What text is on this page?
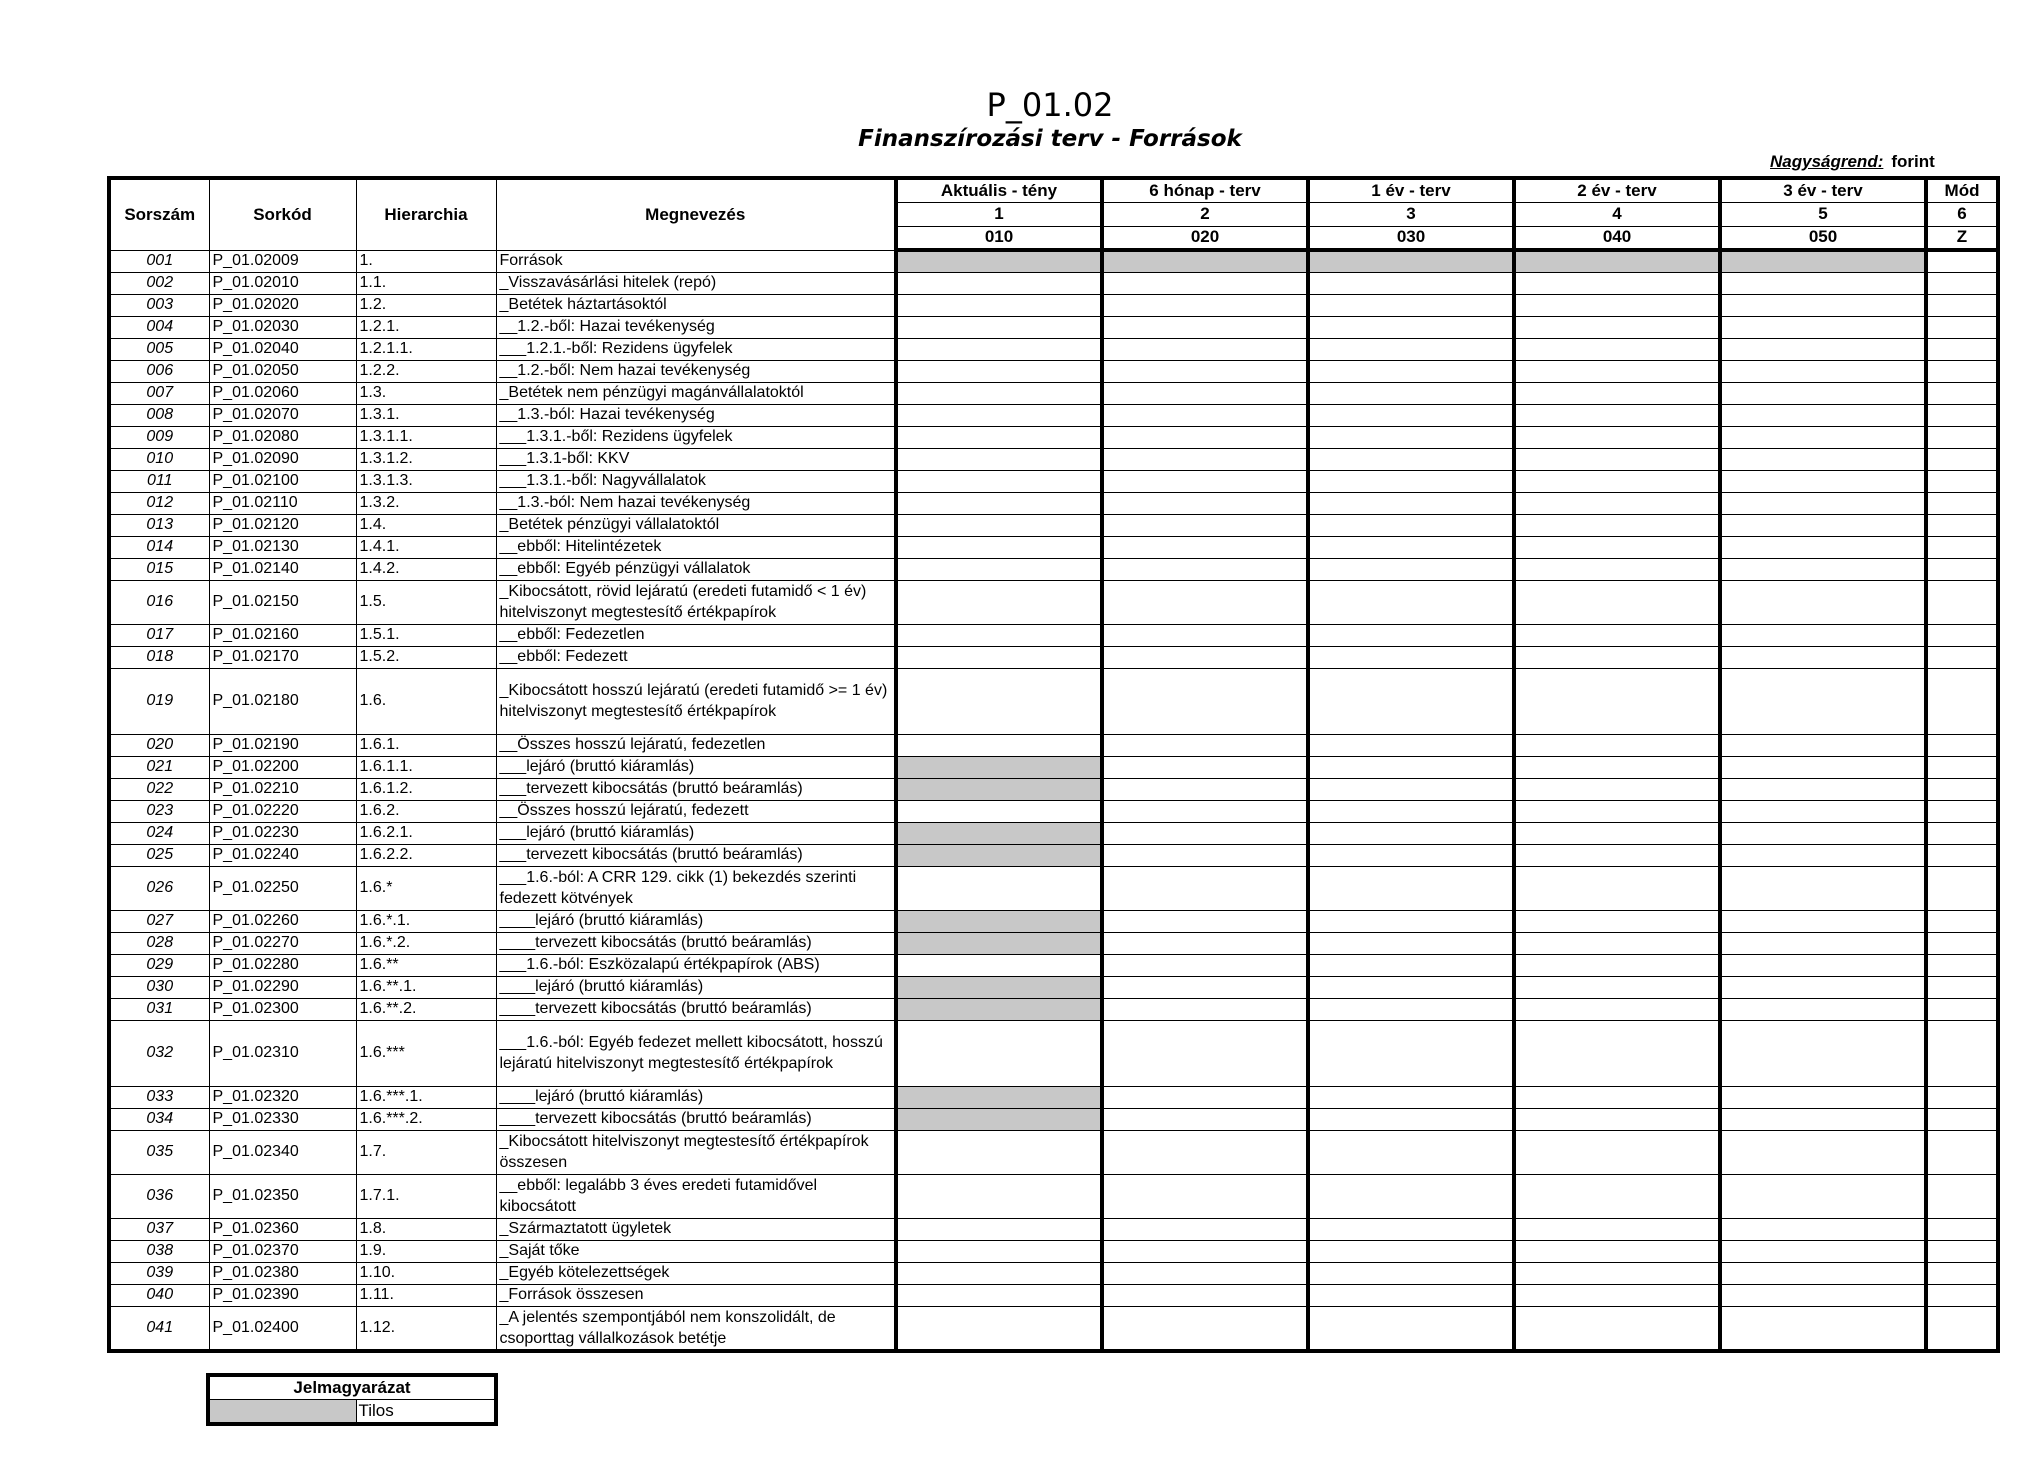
P_01.02
Finanszírozási terv - Források
Nagyságrend: forint
Sorszám	Sorkód	Hierarchia	Megnevezés	Aktuális - tény	6 hónap - terv	1 év - terv	2 év - terv	3 év - terv	Mód
				1	2	3	4	5	6
				010	020	030	040	050	Z
001	P_01.02009	1.	Források						
002	P_01.02010	1.1.	_Visszavásárlási hitelek (repó)						
003	P_01.02020	1.2.	_Betétek háztartásoktól						
004	P_01.02030	1.2.1.	__1.2.-ből: Hazai tevékenység						
005	P_01.02040	1.2.1.1.	___1.2.1.-ből: Rezidens ügyfelek						
006	P_01.02050	1.2.2.	__1.2.-ből: Nem hazai tevékenység						
007	P_01.02060	1.3.	_Betétek nem pénzügyi magánvállalatoktól						
008	P_01.02070	1.3.1.	__1.3.-ból: Hazai tevékenység						
009	P_01.02080	1.3.1.1.	___1.3.1.-ből: Rezidens ügyfelek						
010	P_01.02090	1.3.1.2.	___1.3.1-ből: KKV						
011	P_01.02100	1.3.1.3.	___1.3.1.-ből: Nagyvállalatok						
012	P_01.02110	1.3.2.	__1.3.-ból: Nem hazai tevékenység						
013	P_01.02120	1.4.	_Betétek pénzügyi vállalatoktól						
014	P_01.02130	1.4.1.	__ebből: Hitelintézetek						
015	P_01.02140	1.4.2.	__ebből: Egyéb pénzügyi vállalatok						
016	P_01.02150	1.5.	_Kibocsátott, rövid lejáratú (eredeti futamidő < 1 év) hitelviszonyt megtestesítő értékpapírok						
017	P_01.02160	1.5.1.	__ebből: Fedezetlen						
018	P_01.02170	1.5.2.	__ebből: Fedezett						
019	P_01.02180	1.6.	_Kibocsátott hosszú lejáratú (eredeti futamidő >= 1 év) hitelviszonyt megtestesítő értékpapírok						
020	P_01.02190	1.6.1.	__Összes hosszú lejáratú, fedezetlen						
021	P_01.02200	1.6.1.1.	___lejáró (bruttó kiáramlás)						
022	P_01.02210	1.6.1.2.	___tervezett kibocsátás (bruttó beáramlás)						
023	P_01.02220	1.6.2.	__Összes hosszú lejáratú, fedezett						
024	P_01.02230	1.6.2.1.	___lejáró (bruttó kiáramlás)						
025	P_01.02240	1.6.2.2.	___tervezett kibocsátás (bruttó beáramlás)						
026	P_01.02250	1.6.*	___1.6.-ból: A CRR 129. cikk (1) bekezdés szerinti fedezett kötvények						
027	P_01.02260	1.6.*.1.	____lejáró (bruttó kiáramlás)						
028	P_01.02270	1.6.*.2.	____tervezett kibocsátás (bruttó beáramlás)						
029	P_01.02280	1.6.**	___1.6.-ból: Eszközalapú értékpapírok (ABS)						
030	P_01.02290	1.6.**.1.	____lejáró (bruttó kiáramlás)						
031	P_01.02300	1.6.**.2.	____tervezett kibocsátás (bruttó beáramlás)						
032	P_01.02310	1.6.***	___1.6.-ból: Egyéb fedezet mellett kibocsátott, hosszú lejáratú hitelviszonyt megtestesítő értékpapírok						
033	P_01.02320	1.6.***.1.	____lejáró (bruttó kiáramlás)						
034	P_01.02330	1.6.***.2.	____tervezett kibocsátás (bruttó beáramlás)						
035	P_01.02340	1.7.	_Kibocsátott hitelviszonyt megtestesítő értékpapírok összesen						
036	P_01.02350	1.7.1.	__ebből: legalább 3 éves eredeti futamidővel kibocsátott						
037	P_01.02360	1.8.	_Származtatott ügyletek						
038	P_01.02370	1.9.	_Saját tőke						
039	P_01.02380	1.10.	_Egyéb kötelezettségek						
040	P_01.02390	1.11.	_Források összesen						
041	P_01.02400	1.12.	_A jelentés szempontjából nem konszolidált, de csoporttag vállalkozások betétje						
Jelmagyarázat
	Tilos
